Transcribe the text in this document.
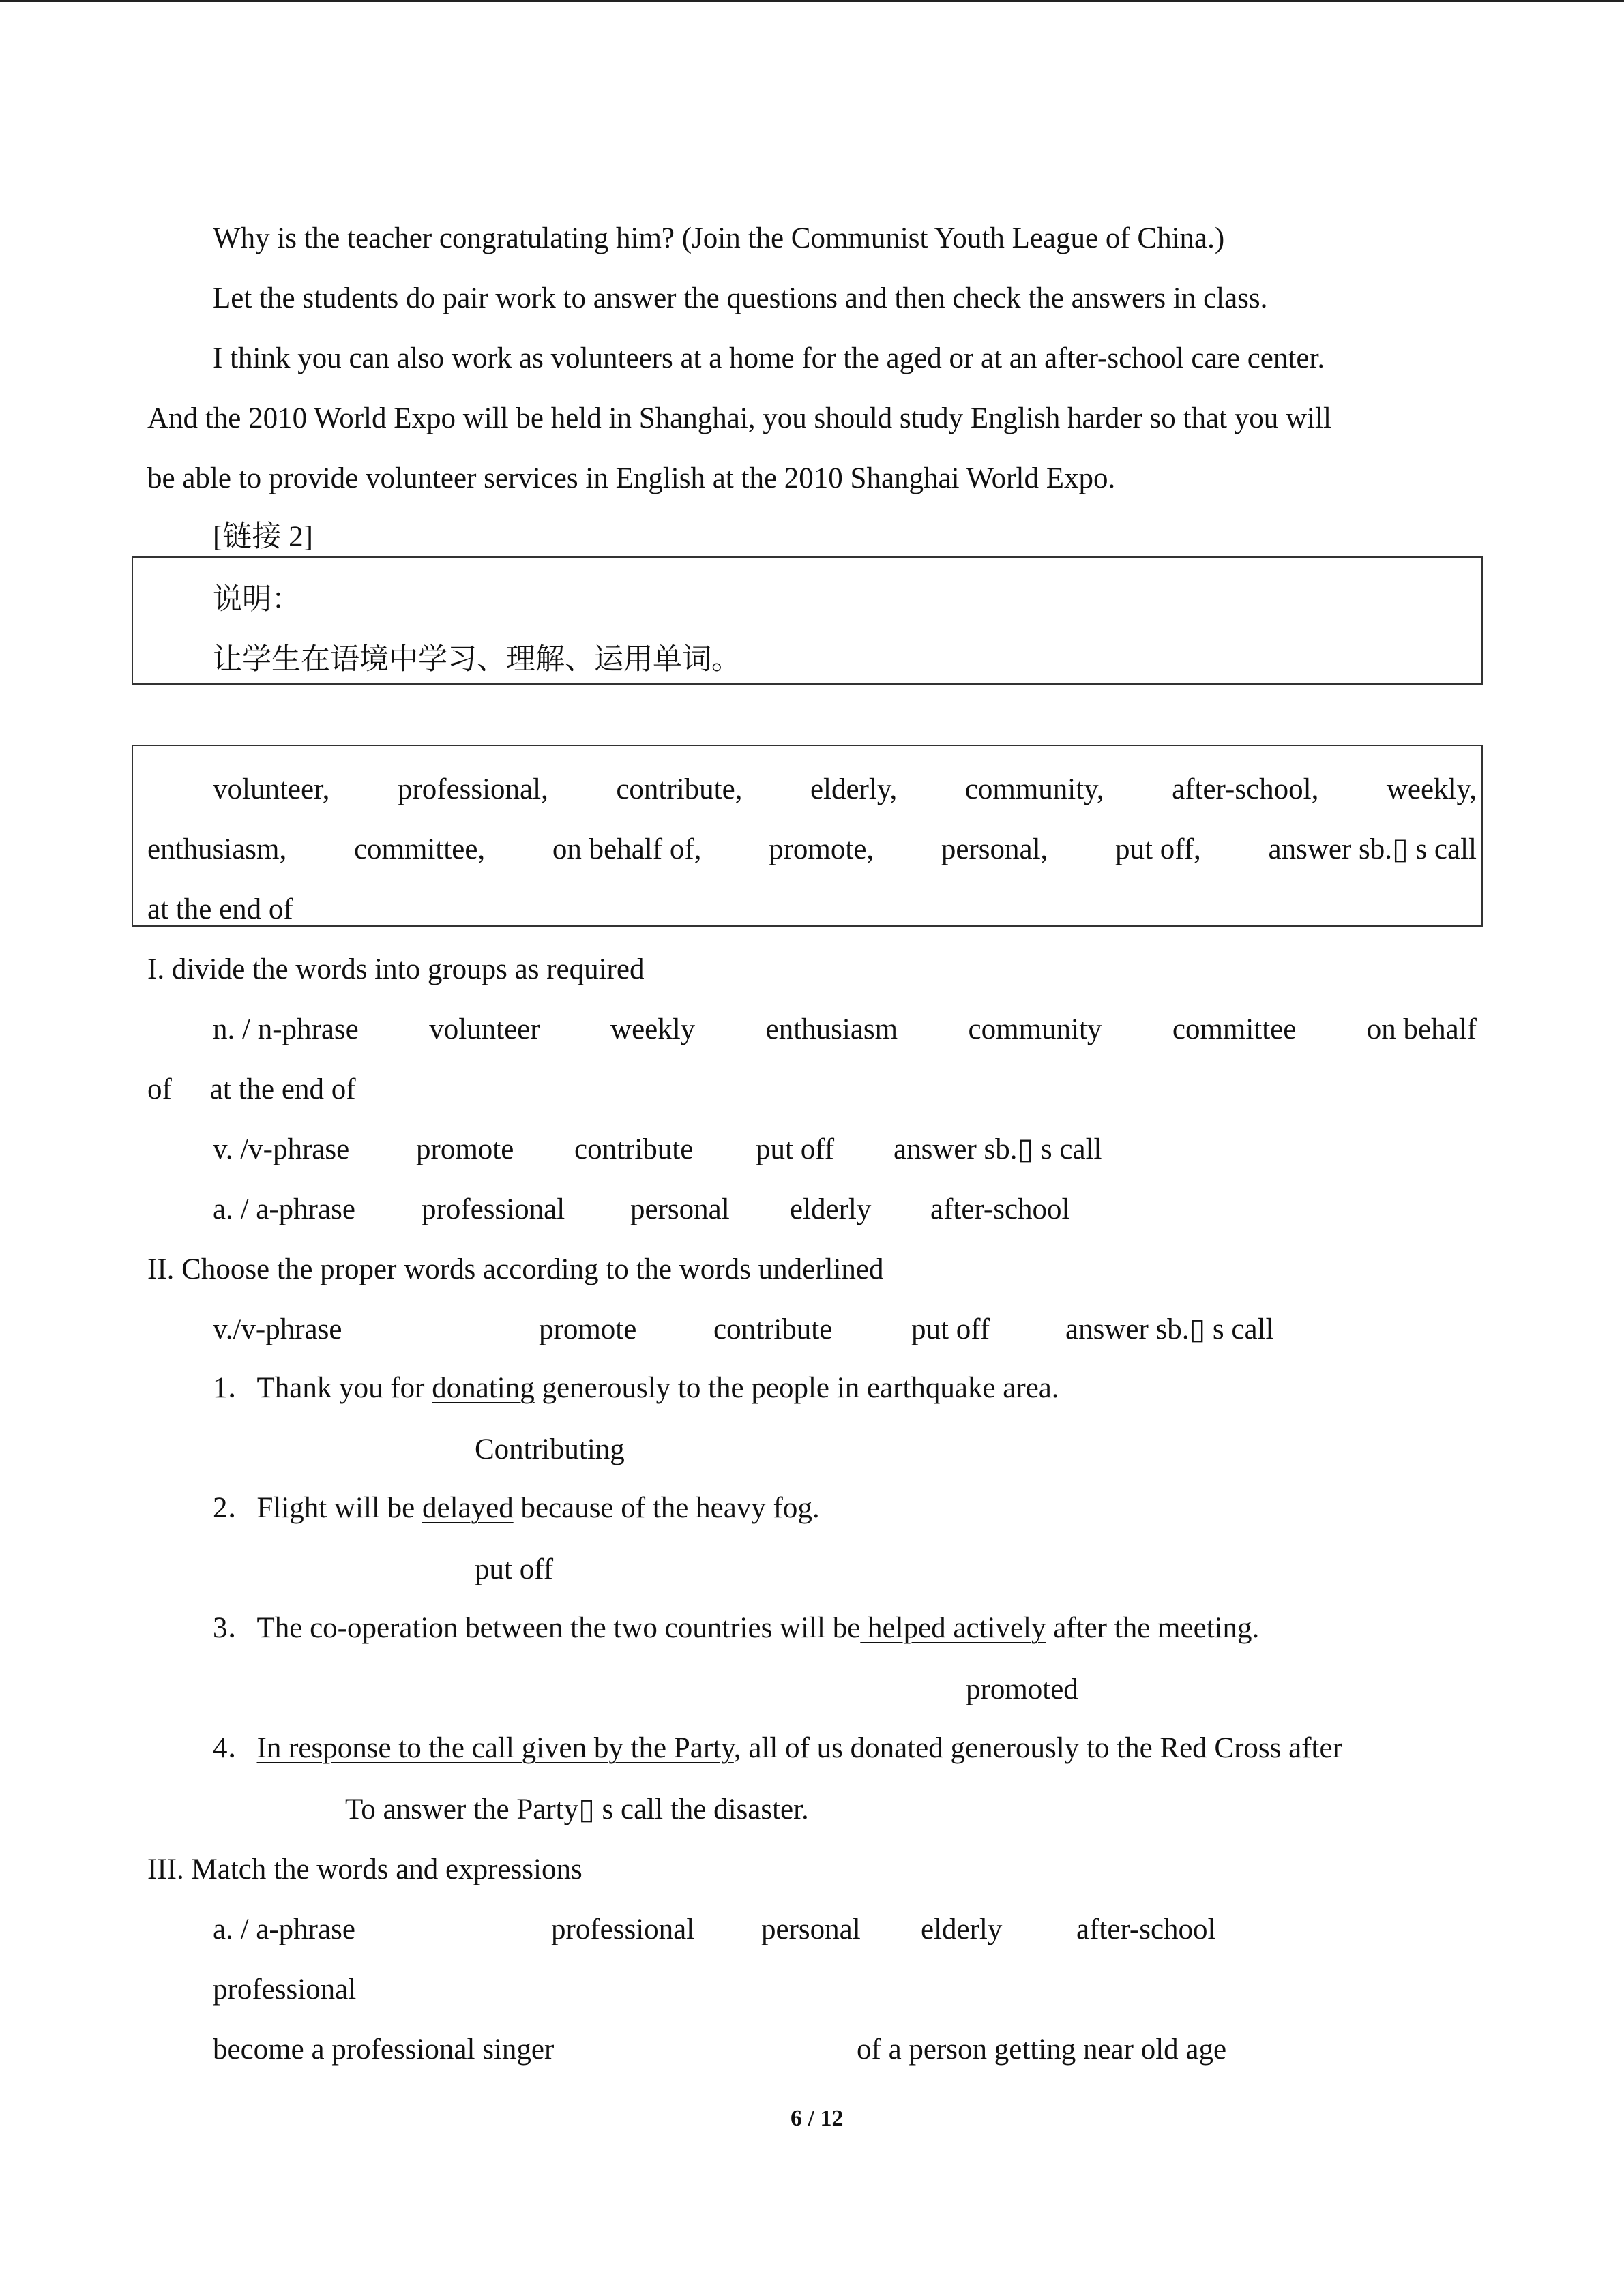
Why is the teacher congratulating him? (Join the Communist Youth League of China.)
Let the students do pair work to answer the questions and then check the answers in class.
I think you can also work as volunteers at a home for the aged or at an after-school care center.
And the 2010 World Expo will be held in Shanghai, you should study English harder so that you will
be able to provide volunteer services in English at the 2010 Shanghai World Expo.
[链接 2]
说明：
让学生在语境中学习、理解、运用单词。
volunteer, professional, contribute, elderly, community, after-school, weekly,
enthusiasm, committee, on behalf of, promote, personal, put off, answer sb.▯ s call
at the end of
I. divide the words into groups as required
n. / n-phrase volunteer weekly enthusiasm community committee on behalf
of at the end of
v. /v-phrase promote contribute put off answer sb.▯ s call
a. / a-phrase professional personal elderly after-school
II. Choose the proper words according to the words underlined
v./v-phrase	promote	contribute	put off	answer sb.▯ s call
1．Thank you for donating generously to the people in earthquake area.
Contributing
2．Flight will be delayed because of the heavy fog.
put off
3．The co-operation between the two countries will be helped actively after the meeting.
promoted
4．In response to the call given by the Party, all of us donated generously to the Red Cross after
To answer the Party▯ s call the disaster.
III. Match the words and expressions
a. / a-phrase	professional personal elderly	after-school
professional
become a professional singer	of a person getting near old age
6 / 12
